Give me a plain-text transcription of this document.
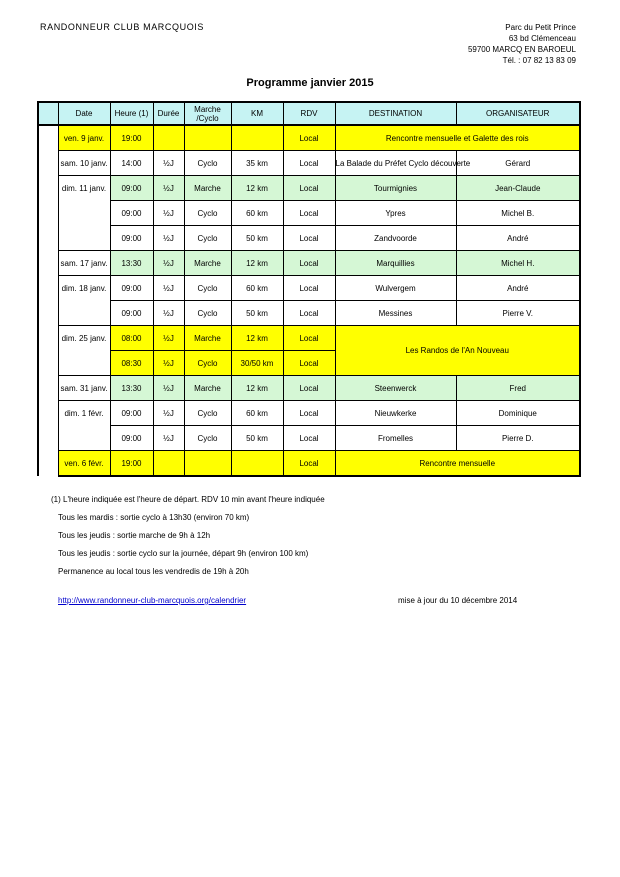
RANDONNEUR CLUB MARCQUOIS	Parc du Petit Prince
63 bd Clémenceau
59700 MARCQ EN BAROEUL
Tél. : 07 82 13 83 09
Programme janvier 2015
	Date	Heure (1)	Durée	Marche /Cyclo	KM	RDV	DESTINATION	ORGANISATEUR
	ven. 9 janv.	19:00				Local	Rencontre mensuelle et Galette des rois	
	sam. 10 janv.	14:00	½J	Cyclo	35 km	Local	La Balade du Préfet Cyclo découverte	Gérard
	dim. 11 janv.	09:00	½J	Marche	12 km	Local	Tourmignies	Jean-Claude
		09:00	½J	Cyclo	60 km	Local	Ypres	Michel B.
		09:00	½J	Cyclo	50 km	Local	Zandvoorde	André
	sam. 17 janv.	13:30	½J	Marche	12 km	Local	Marquillies	Michel H.
	dim. 18 janv.	09:00	½J	Cyclo	60 km	Local	Wulvergem	André
		09:00	½J	Cyclo	50 km	Local	Messines	Pierre V.
	dim. 25 janv.	08:00	½J	Marche	12 km	Local	Les Randos de l'An Nouveau	
		08:30	½J	Cyclo	30/50 km	Local		
	sam. 31 janv.	13:30	½J	Marche	12 km	Local	Steenwerck	Fred
	dim. 1 févr.	09:00	½J	Cyclo	60 km	Local	Nieuwkerke	Dominique
		09:00	½J	Cyclo	50 km	Local	Fromelles	Pierre D.
	ven. 6 févr.	19:00				Local	Rencontre mensuelle	
(1) L'heure indiquée est l'heure de départ. RDV 10 min avant l'heure indiquée
Tous les mardis : sortie cyclo à 13h30 (environ 70 km)
Tous les jeudis : sortie marche de 9h à 12h
Tous les jeudis : sortie cyclo sur la journée, départ 9h (environ 100 km)
Permanence au local tous les vendredis de 19h à 20h
http://www.randonneur-club-marcquois.org/calendrier	mise à jour du 10 décembre 2014
